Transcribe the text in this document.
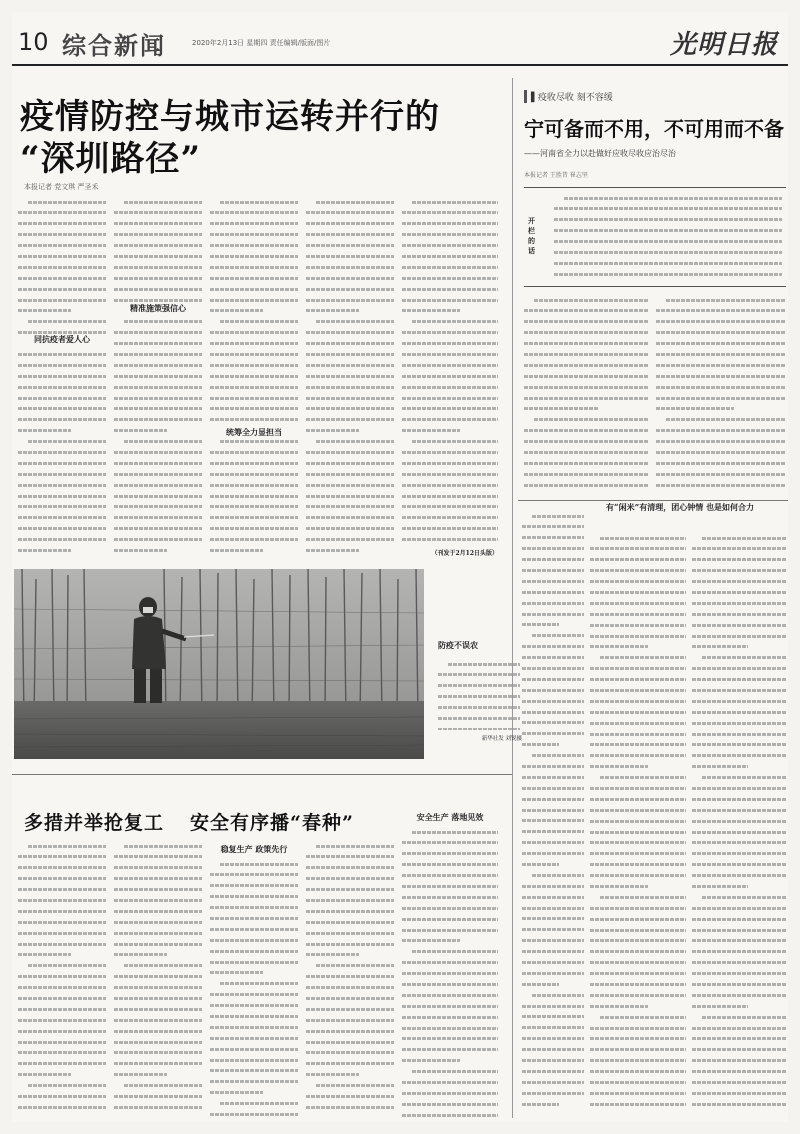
10 综合新闻	2020年2月13日 星期四 责任编辑/版面/图片	光明日报
疫情防控与城市运转并行的
“深圳路径”
本报记者 党文琪 严圣禾
同抗疫者爱人心
精准施策强信心
统筹全力显担当
（刊发于2月12日头版）
▌疫收尽收 刻不容缓
宁可备而不用，不可用而不备
——河南省全力以赴做好应收尽收应治尽治
本报记者 王胜昔 崔志坚
开栏的话
有“闲米”有清理，团心钟情 也是如何合力
防疫不误农
新华社发 刘锐摄
多措并举抢复工 安全有序播“春种”
稳复生产 政策先行
安全生产 落地见效
